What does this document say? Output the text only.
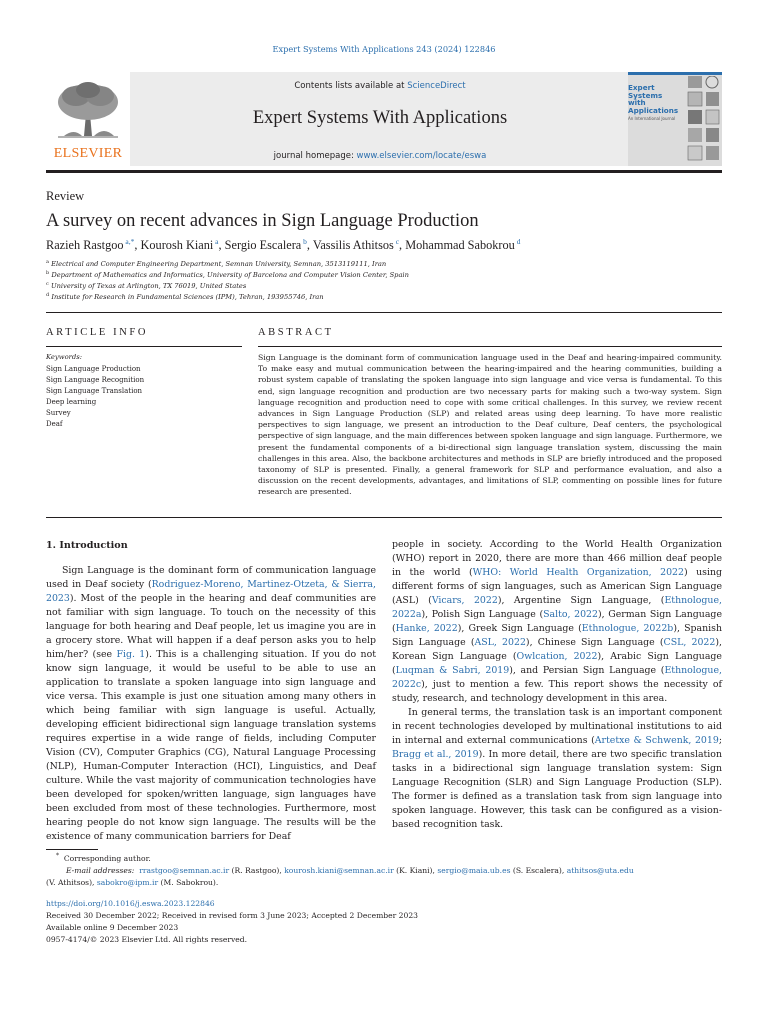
Expert Systems With Applications 243 (2024) 122846
ELSEVIER
Contents lists available at ScienceDirect
Expert Systems With Applications
journal homepage: www.elsevier.com/locate/eswa
Expert
Systems
with
Applications
An International Journal
Review
A survey on recent advances in Sign Language Production
Razieh Rastgoo $^{a,*}$, Kourosh Kiani $^a$, Sergio Escalera $^b$, Vassilis Athitsos $^c$, Mohammad Sabokrou $^d$
$^a$ Electrical and Computer Engineering Department, Semnan University, Semnan, 3513119111, Iran
$^b$ Department of Mathematics and Informatics, University of Barcelona and Computer Vision Center, Spain
$^c$ University of Texas at Arlington, TX 76019, United States
$^d$ Institute for Research in Fundamental Sciences (IPM), Tehran, 193955746, Iran
ARTICLE INFO	ABSTRACT
Keywords:
Sign Language Production
Sign Language Recognition
Sign Language Translation
Deep learning
Survey
Deaf
Sign Language is the dominant form of communication language used in the Deaf and hearing-impaired community. To make easy and mutual communication between the hearing-impaired and the hearing communities, building a robust system capable of translating the spoken language into sign language and vice versa is fundamental. To this end, sign language recognition and production are two necessary parts for making such a two-way system. Sign language recognition and production need to cope with some critical challenges. In this survey, we review recent advances in Sign Language Production (SLP) and related areas using deep learning. To have more realistic perspectives to sign language, we present an introduction to the Deaf culture, Deaf centers, the psychological perspective of sign language, and the main differences between spoken language and sign language. Furthermore, we present the fundamental components of a bi-directional sign language translation system, discussing the main challenges in this area. Also, the backbone architectures and methods in SLP are briefly introduced and the proposed taxonomy of SLP is presented. Finally, a general framework for SLP and performance evaluation, and also a discussion on the recent developments, advantages, and limitations of SLP, commenting on possible lines for future research are presented.
1. Introduction

Sign Language is the dominant form of communication language used in Deaf society (Rodriguez-Moreno, Martinez-Otzeta, & Sierra, 2023). Most of the people in the hearing and deaf communities are not familiar with sign language. To touch on the necessity of this language for both hearing and Deaf people, let us imagine you are in a grocery store. What will happen if a deaf person asks you to help him/her? (see Fig. 1). This is a challenging situation. If you do not know sign language, it would be useful to be able to use an application to translate a spoken language into sign language and vice versa. This example is just one situation among many others in which being familiar with sign language is useful. Actually, developing efficient bidirectional sign language translation systems requires expertise in a wide range of fields, including Computer Vision (CV), Computer Graphics (CG), Natural Language Processing (NLP), Human-Computer Interaction (HCI), Linguistics, and Deaf culture. While the vast majority of communication technologies have been developed for spoken/written language, sign languages have been excluded from most of these technologies. Furthermore, most hearing people do not know sign language. The results will be the existence of many communication barriers for Deaf

people in society. According to the World Health Organization (WHO) report in 2020, there are more than 466 million deaf people in the world (WHO: World Health Organization, 2022) using different forms of sign languages, such as American Sign Language (ASL) (Vicars, 2022), Argentine Sign Language, (Ethnologue, 2022a), Polish Sign Language (Salto, 2022), German Sign Language (Hanke, 2022), Greek Sign Language (Ethnologue, 2022b), Spanish Sign Language (ASL, 2022), Chinese Sign Language (CSL, 2022), Korean Sign Language (Owlcation, 2022), Arabic Sign Language (Luqman & Sabri, 2019), and Persian Sign Language (Ethnologue, 2022c), just to mention a few. This report shows the necessity of study, research, and technology development in this area.

In general terms, the translation task is an important component in recent technologies developed by multinational institutions to aid in internal and external communications (Artetxe & Schwenk, 2019; Bragg et al., 2019). In more detail, there are two specific translation tasks in a bidirectional sign language translation system: Sign Language Recognition (SLR) and Sign Language Production (SLP). The former is defined as a translation task from sign language into spoken language. However, this task can be configured as a vision-based recognition task.

* Corresponding author.
E-mail addresses: rrastgoo@semnan.ac.ir (R. Rastgoo), kourosh.kiani@semnan.ac.ir (K. Kiani), sergio@maia.ub.es (S. Escalera), athitsos@uta.edu
(V. Athitsos), sabokro@ipm.ir (M. Sabokrou).
https://doi.org/10.1016/j.eswa.2023.122846
Received 30 December 2022; Received in revised form 3 June 2023; Accepted 2 December 2023
Available online 9 December 2023
0957-4174/© 2023 Elsevier Ltd. All rights reserved.
